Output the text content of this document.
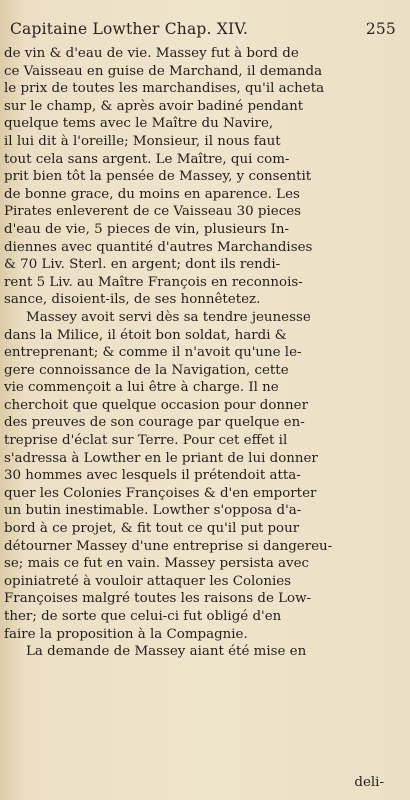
Capitaine Lowther Chap. XIV.	255
de vin & d'eau de vie. Massey fut à bord de
ce Vaisseau en guise de Marchand, il demanda
le prix de toutes les marchandises, qu'il acheta
sur le champ, & après avoir badiné pendant
quelque tems avec le Maître du Navire,
il lui dit à l'oreille; Monsieur, il nous faut
tout cela sans argent. Le Maître, qui com-
prit bien tôt la pensée de Massey, y consentit
de bonne grace, du moins en aparence. Les
Pirates enleverent de ce Vaisseau 30 pieces
d'eau de vie, 5 pieces de vin, plusieurs In-
diennes avec quantité d'autres Marchandises
& 70 Liv. Sterl. en argent; dont ils rendi-
rent 5 Liv. au Maître François en reconnois-
sance, disoient-ils, de ses honnêtetez.
Massey avoit servi dès sa tendre jeunesse
dans la Milice, il étoit bon soldat, hardi &
entreprenant; & comme il n'avoit qu'une le-
gere connoissance de la Navigation, cette
vie commençoit a lui être à charge. Il ne
cherchoit que quelque occasion pour donner
des preuves de son courage par quelque en-
treprise d'éclat sur Terre. Pour cet effet il
s'adressa à Lowther en le priant de lui donner
30 hommes avec lesquels il prétendoit atta-
quer les Colonies Françoises & d'en emporter
un butin inestimable. Lowther s'opposa d'a-
bord à ce projet, & fit tout ce qu'il put pour
détourner Massey d'une entreprise si dangereu-
se; mais ce fut en vain. Massey persista avec
opiniatreté à vouloir attaquer les Colonies
Françoises malgré toutes les raisons de Low-
ther; de sorte que celui-ci fut obligé d'en
faire la proposition à la Compagnie.
La demande de Massey aiant été mise en
deli-
